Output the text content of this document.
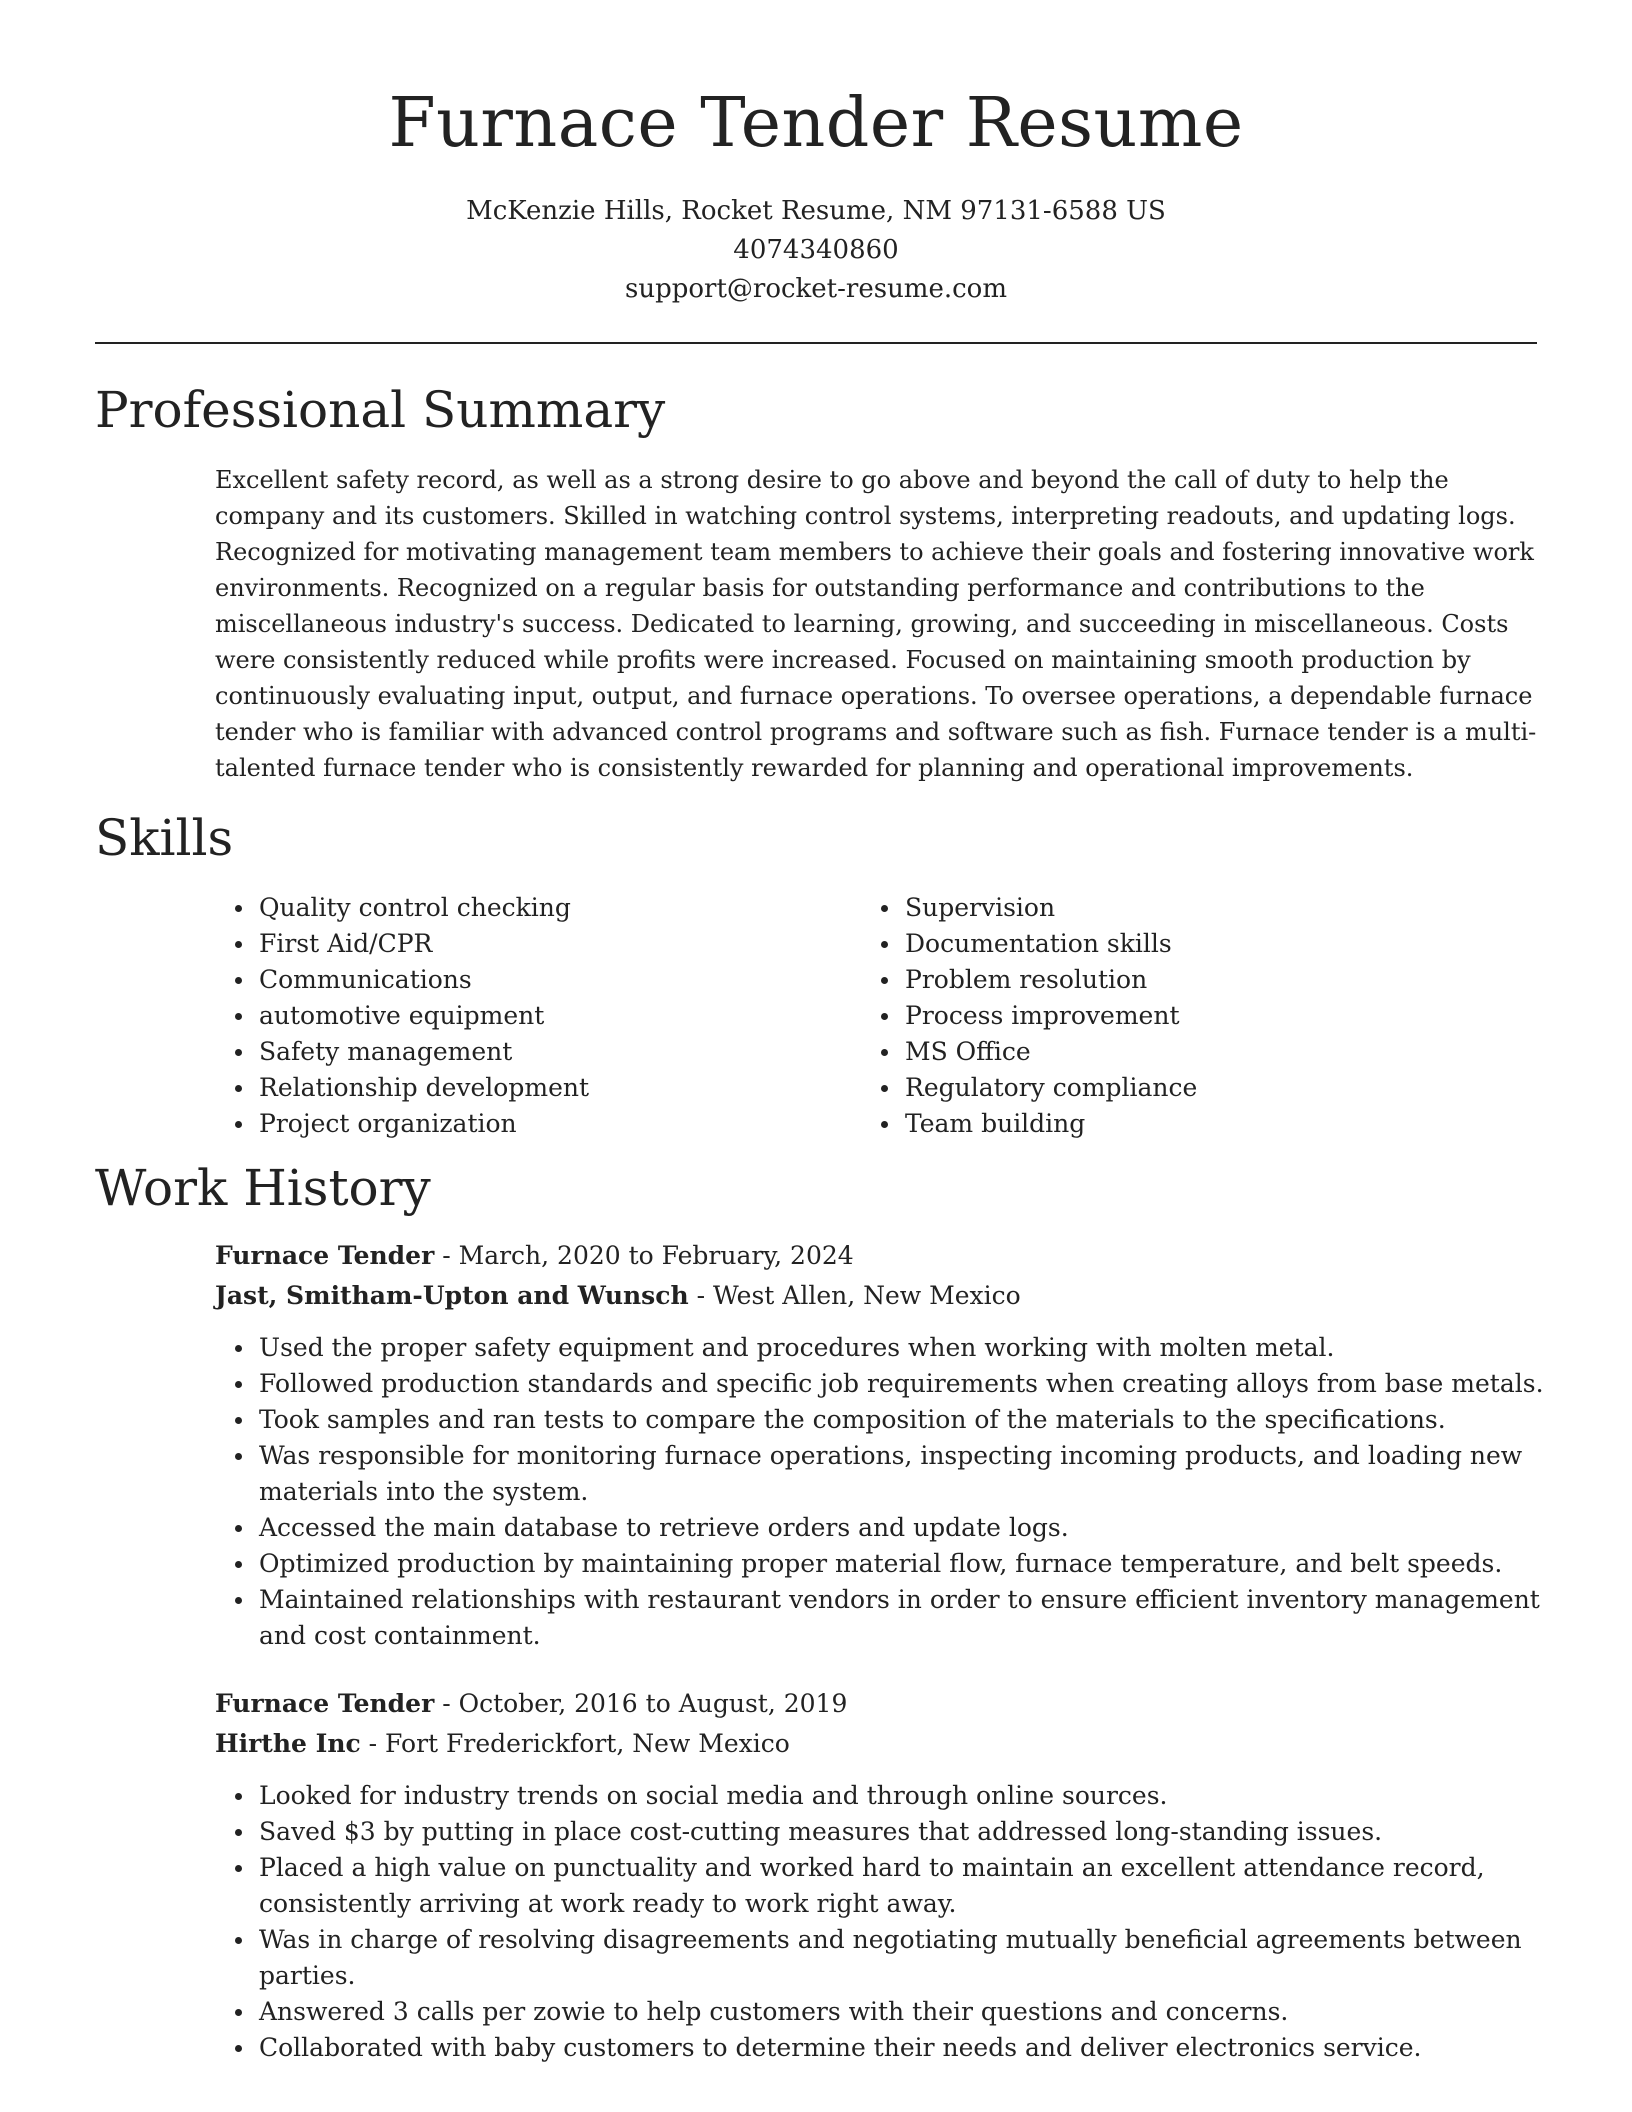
Furnace Tender Resume
McKenzie Hills, Rocket Resume, NM 97131-6588 US
4074340860
support@rocket-resume.com
Professional Summary

Excellent safety record, as well as a strong desire to go above and beyond the call of duty to help the company and its customers. Skilled in watching control systems, interpreting readouts, and updating logs. Recognized for motivating management team members to achieve their goals and fostering innovative work environments. Recognized on a regular basis for outstanding performance and contributions to the miscellaneous industry's success. Dedicated to learning, growing, and succeeding in miscellaneous. Costs were consistently reduced while profits were increased. Focused on maintaining smooth production by continuously evaluating input, output, and furnace operations. To oversee operations, a dependable furnace tender who is familiar with advanced control programs and software such as fish. Furnace tender is a multi-talented furnace tender who is consistently rewarded for planning and operational improvements.

Skills
Quality control checking
First Aid/CPR
Communications
automotive equipment
Safety management
Relationship development
Project organization
Supervision
Documentation skills
Problem resolution
Process improvement
MS Office
Regulatory compliance
Team building
Work History

Furnace Tender - March, 2020 to February, 2024

Jast, Smitham-Upton and Wunsch - West Allen, New Mexico

Used the proper safety equipment and procedures when working with molten metal.
Followed production standards and specific job requirements when creating alloys from base metals.
Took samples and ran tests to compare the composition of the materials to the specifications.
Was responsible for monitoring furnace operations, inspecting incoming products, and loading new materials into the system.
Accessed the main database to retrieve orders and update logs.
Optimized production by maintaining proper material flow, furnace temperature, and belt speeds.
Maintained relationships with restaurant vendors in order to ensure efficient inventory management and cost containment.

Furnace Tender - October, 2016 to August, 2019

Hirthe Inc - Fort Frederickfort, New Mexico

Looked for industry trends on social media and through online sources.
Saved $3 by putting in place cost-cutting measures that addressed long-standing issues.
Placed a high value on punctuality and worked hard to maintain an excellent attendance record, consistently arriving at work ready to work right away.
Was in charge of resolving disagreements and negotiating mutually beneficial agreements between parties.
Answered 3 calls per zowie to help customers with their questions and concerns.
Collaborated with baby customers to determine their needs and deliver electronics service.
